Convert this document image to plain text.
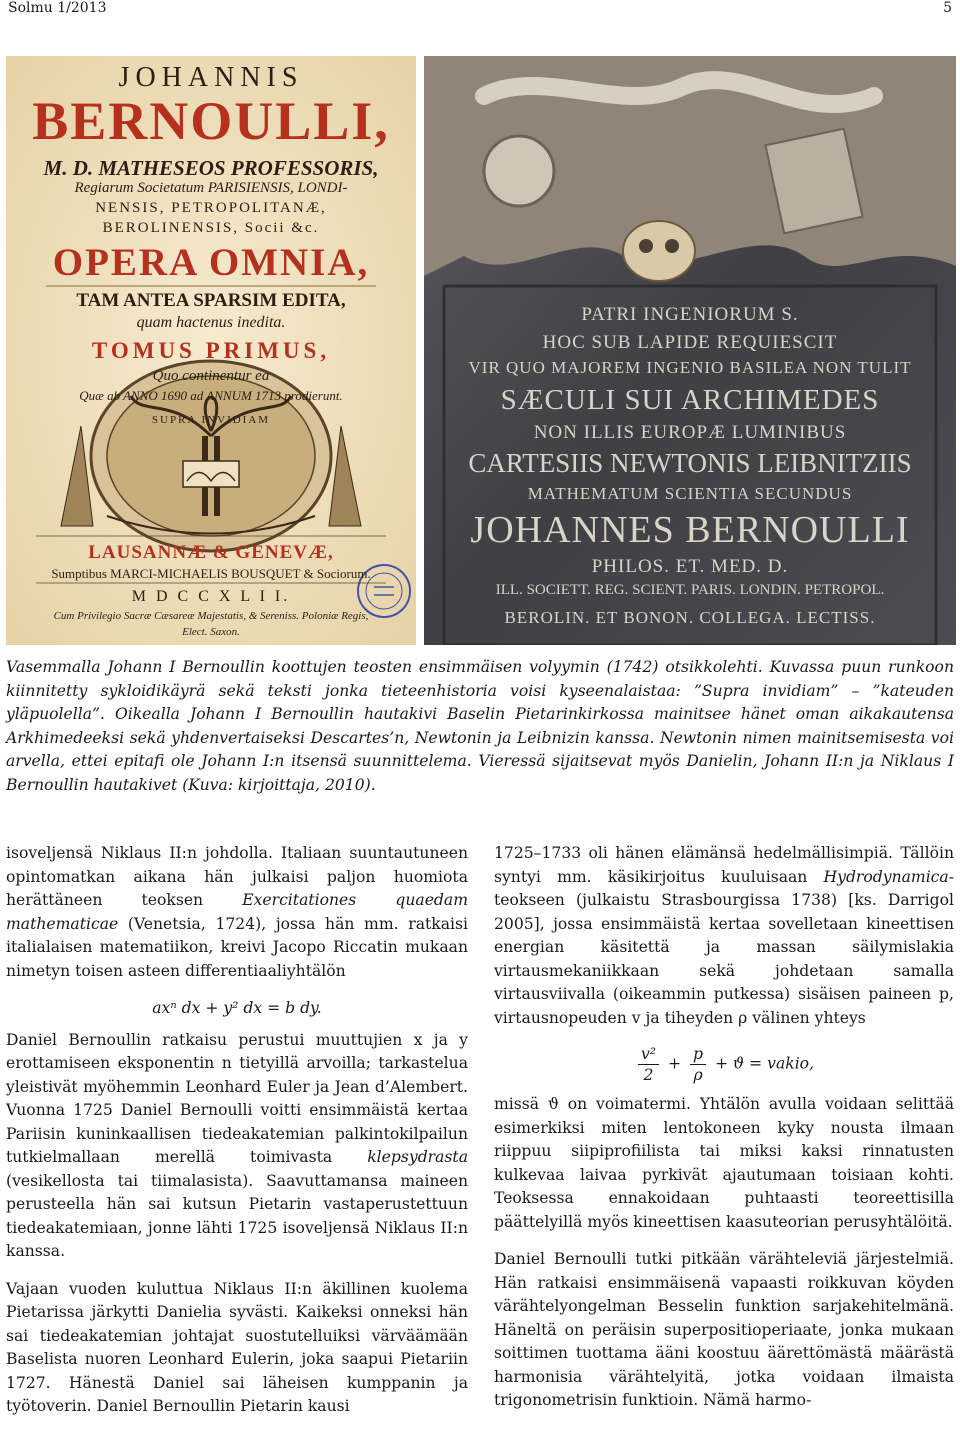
Solmu 1/2013	5
JOHANNIS
BERNOULLI,
M. D. MATHESEOS PROFESSORIS,
Regiarum Societatum PARISIENSIS, LONDI-
NENSIS, PETROPOLITANÆ,
BEROLINENSIS, Socii &c.
OPERA OMNIA,
TAM ANTEA SPARSIM EDITA,
quam hactenus inedita.
TOMUS PRIMUS,
Quo continentur ea
Quæ ab ANNO 1690 ad ANNUM 1713 prodierunt.
SUPRA INVIDIAM
LAUSANNÆ & GENEVÆ,
Sumptibus MARCI-MICHAELIS BOUSQUET & Sociorum.
M D C C X L I I.
Cum Privilegio Sacræ Cæsareæ Majestatis, & Sereniss. Poloniæ Regis,
Elect. Saxon.
PATRI INGENIORUM S.
HOC SUB LAPIDE REQUIESCIT
VIR QUO MAJOREM INGENIO BASILEA NON TULIT
SÆCULI SUI ARCHIMEDES
NON ILLIS EUROPÆ LUMINIBUS
CARTESIIS NEWTONIS LEIBNITZIIS
MATHEMATUM SCIENTIA SECUNDUS
JOHANNES BERNOULLI
PHILOS. ET. MED. D.
ILL. SOCIETT. REG. SCIENT. PARIS. LONDIN. PETROPOL.
BEROLIN. ET BONON. COLLEGA. LECTISS.
Vasemmalla Johann I Bernoullin koottujen teosten ensimmäisen volyymin (1742) otsikkolehti. Kuvassa puun runkoon kiinnitetty sykloidikäyrä sekä teksti jonka tieteenhistoria voisi kyseenalaistaa: ”Supra invidiam” – ”kateuden yläpuolella”. Oikealla Johann I Bernoullin hautakivi Baselin Pietarinkirkossa mainitsee hänet oman aikakautensa Arkhimedeeksi sekä yhdenvertaiseksi Descartes’n, Newtonin ja Leibnizin kanssa. Newtonin nimen mainitsemisesta voi arvella, ettei epitafi ole Johann I:n itsensä suunnittelema. Vieressä sijaitsevat myös Danielin, Johann II:n ja Niklaus I Bernoullin hautakivet (Kuva: kirjoittaja, 2010).

isoveljensä Niklaus II:n johdolla. Italiaan suuntautuneen opintomatkan aikana hän julkaisi paljon huomiota herättäneen teoksen Exercitationes quaedam mathematicae (Venetsia, 1724), jossa hän mm. ratkaisi italialaisen matematiikon, kreivi Jacopo Riccatin mukaan nimetyn toisen asteen differentiaaliyhtälön

axⁿ dx + y² dx = b dy.

Daniel Bernoullin ratkaisu perustui muuttujien x ja y erottamiseen eksponentin n tietyillä arvoilla; tarkastelua yleistivät myöhemmin Leonhard Euler ja Jean d’Alembert. Vuonna 1725 Daniel Bernoulli voitti ensimmäistä kertaa Pariisin kuninkaallisen tiedeakatemian palkintokilpailun tutkielmallaan merellä toimivasta klepsydrasta (vesikellosta tai tiimalasista). Saavuttamansa maineen perusteella hän sai kutsun Pietarin vastaperustettuun tiedeakatemiaan, jonne lähti 1725 isoveljensä Niklaus II:n kanssa.

Vajaan vuoden kuluttua Niklaus II:n äkillinen kuolema Pietarissa järkytti Danielia syvästi. Kaikeksi onneksi hän sai tiedeakatemian johtajat suostutelluiksi värväämään Baselista nuoren Leonhard Eulerin, joka saapui Pietariin 1727. Hänestä Daniel sai läheisen kumppanin ja työtoverin. Daniel Bernoullin Pietarin kausi

1725–1733 oli hänen elämänsä hedelmällisimpiä. Tällöin syntyi mm. käsikirjoitus kuuluisaan Hydrodynamica-teokseen (julkaistu Strasbourgissa 1738) [ks. Darrigol 2005], jossa ensimmäistä kertaa sovelletaan kineettisen energian käsitettä ja massan säilymislakia virtausmekaniikkaan sekä johdetaan samalla virtausviivalla (oikeammin putkessa) sisäisen paineen p, virtausnopeuden v ja tiheyden ρ välinen yhteys

$\frac{\text{v²}}{2} + \frac{p}{\rho} + ϑ$ = vakio,

missä ϑ on voimatermi. Yhtälön avulla voidaan selittää esimerkiksi miten lentokoneen kyky nousta ilmaan riippuu siipiprofiilista tai miksi kaksi rinnatusten kulkevaa laivaa pyrkivät ajautumaan toisiaan kohti. Teoksessa ennakoidaan puhtaasti teoreettisilla päättelyillä myös kineettisen kaasuteorian perusyhtälöitä.

Daniel Bernoulli tutki pitkään värähteleviä järjestelmiä. Hän ratkaisi ensimmäisenä vapaasti roikkuvan köyden värähtelyongelman Besselin funktion sarjakehitelmänä. Häneltä on peräisin superpositioperiaate, jonka mukaan soittimen tuottama ääni koostuu äärettömästä määrästä harmonisia värähtelyitä, jotka voidaan ilmaista trigonometrisin funktioin. Nämä harmo-
